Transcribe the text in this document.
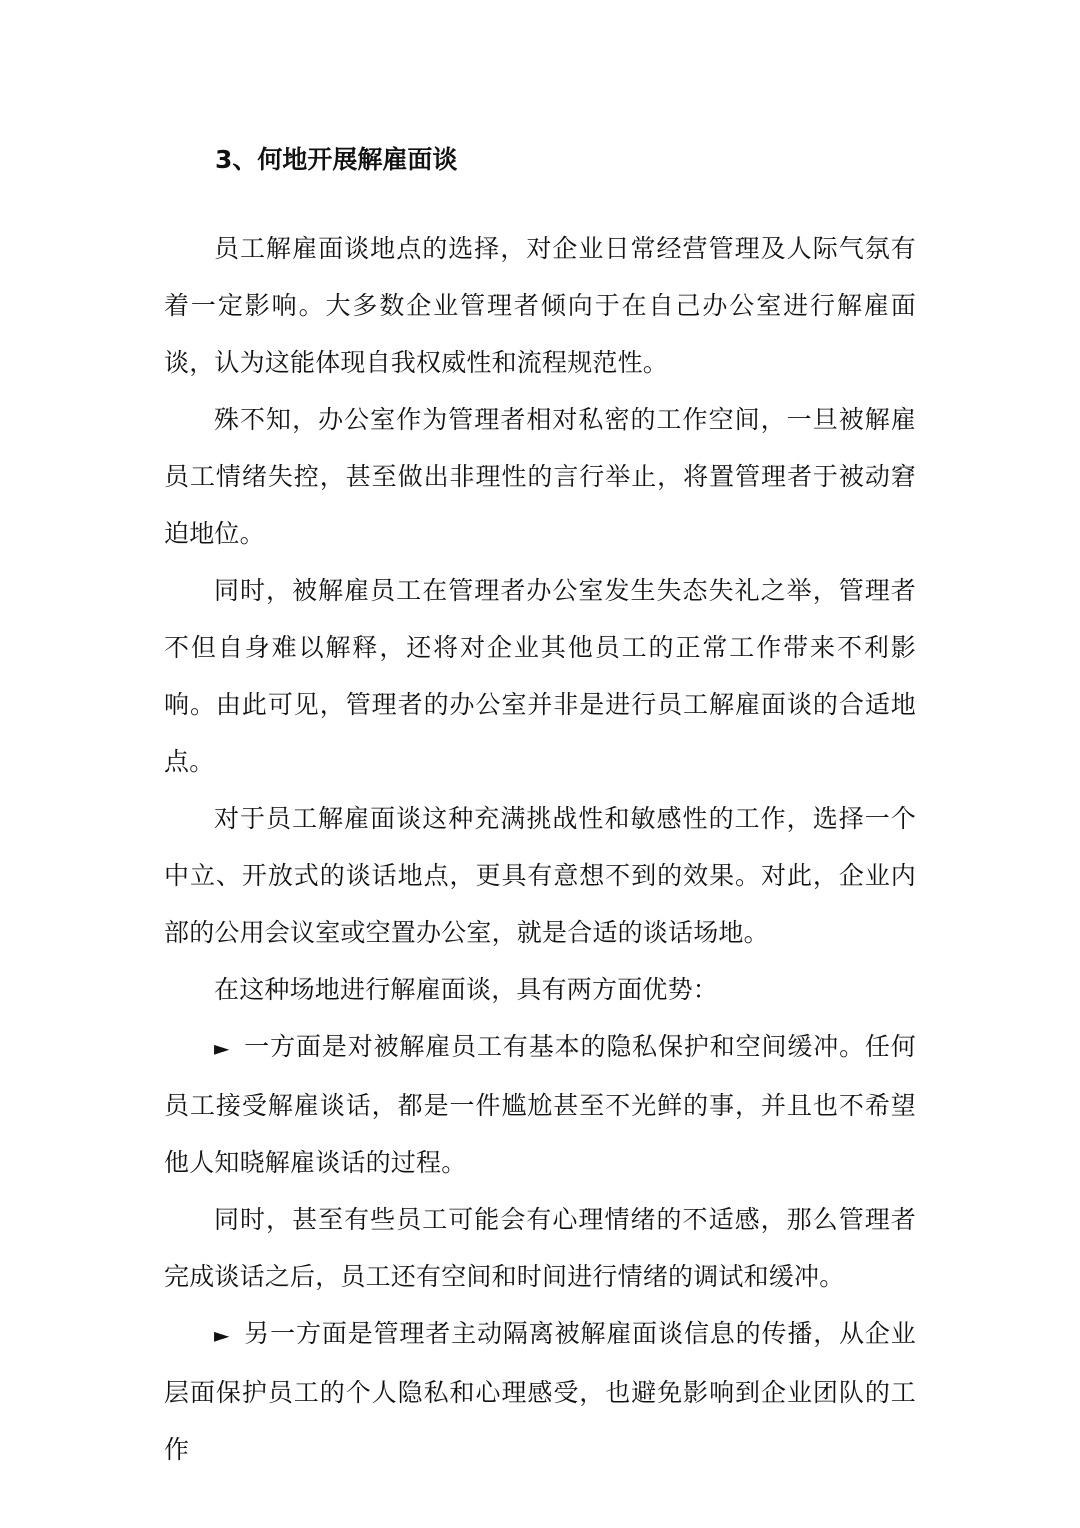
3、何地开展解雇面谈

员工解雇面谈地点的选择，对企业日常经营管理及人际气氛有着一定影响。大多数企业管理者倾向于在自己办公室进行解雇面谈，认为这能体现自我权威性和流程规范性。

殊不知，办公室作为管理者相对私密的工作空间，一旦被解雇员工情绪失控，甚至做出非理性的言行举止，将置管理者于被动窘迫地位。

同时，被解雇员工在管理者办公室发生失态失礼之举，管理者不但自身难以解释，还将对企业其他员工的正常工作带来不利影响。由此可见，管理者的办公室并非是进行员工解雇面谈的合适地点。

对于员工解雇面谈这种充满挑战性和敏感性的工作，选择一个中立、开放式的谈话地点，更具有意想不到的效果。对此，企业内部的公用会议室或空置办公室，就是合适的谈话场地。

在这种场地进行解雇面谈，具有两方面优势：

► 一方面是对被解雇员工有基本的隐私保护和空间缓冲。任何员工接受解雇谈话，都是一件尴尬甚至不光鲜的事，并且也不希望他人知晓解雇谈话的过程。

同时，甚至有些员工可能会有心理情绪的不适感，那么管理者完成谈话之后，员工还有空间和时间进行情绪的调试和缓冲。

► 另一方面是管理者主动隔离被解雇面谈信息的传播，从企业层面保护员工的个人隐私和心理感受，也避免影响到企业团队的工作
